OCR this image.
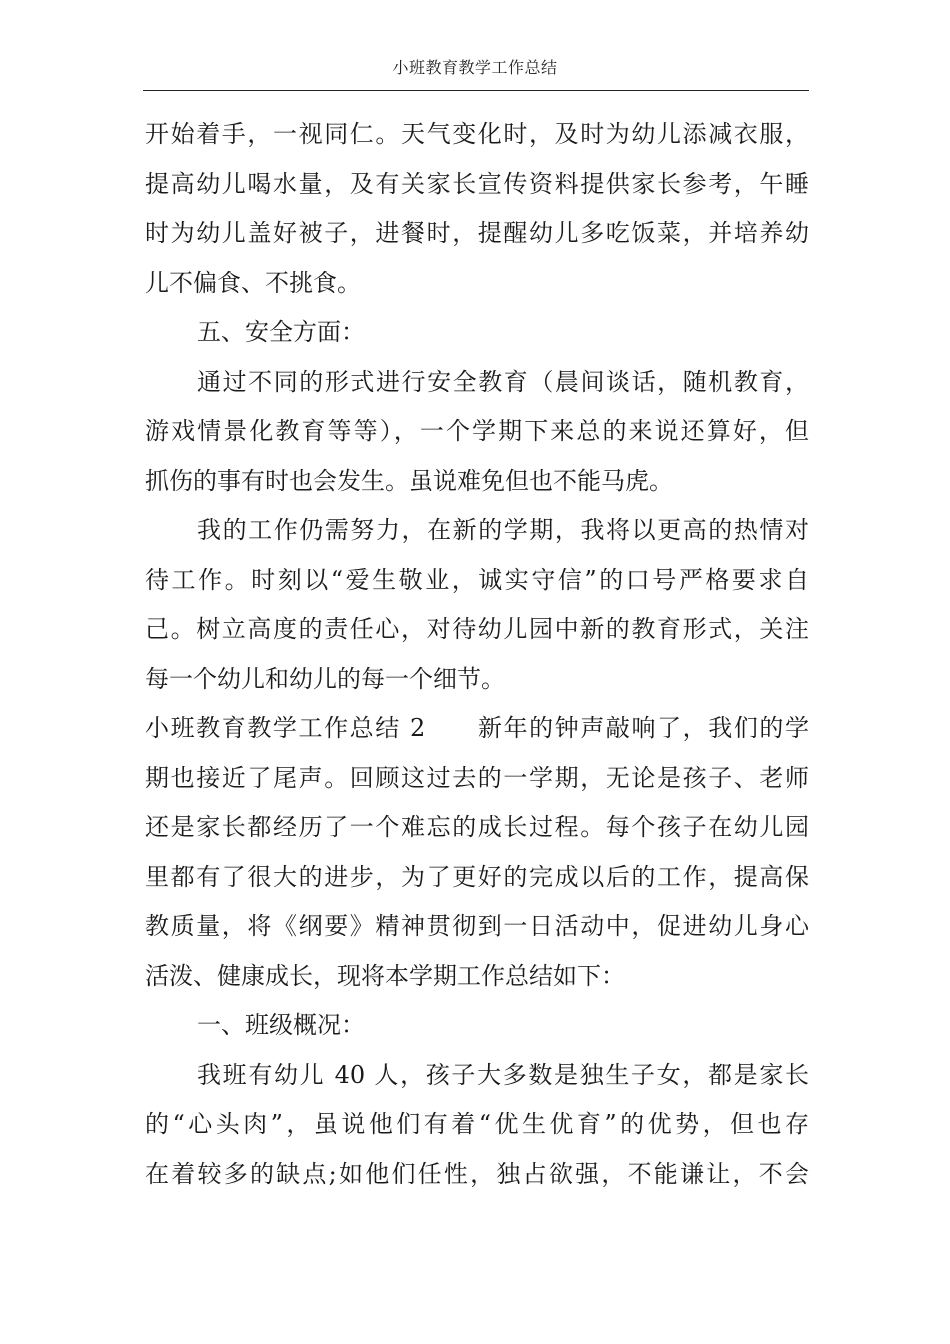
小班教育教学工作总结
开始着手，一视同仁。天气变化时，及时为幼儿添减衣服，
提高幼儿喝水量，及有关家长宣传资料提供家长参考，午睡
时为幼儿盖好被子，进餐时，提醒幼儿多吃饭菜，并培养幼
儿不偏食、不挑食。
五、安全方面：
通过不同的形式进行安全教育（晨间谈话，随机教育，
游戏情景化教育等等），一个学期下来总的来说还算好，但
抓伤的事有时也会发生。虽说难免但也不能马虎。
我的工作仍需努力，在新的学期，我将以更高的热情对
待工作。时刻以“爱生敬业，诚实守信”的口号严格要求自
己。树立高度的责任心，对待幼儿园中新的教育形式，关注
每一个幼儿和幼儿的每一个细节。
小班教育教学工作总结 2　　新年的钟声敲响了，我们的学
期也接近了尾声。回顾这过去的一学期，无论是孩子、老师
还是家长都经历了一个难忘的成长过程。每个孩子在幼儿园
里都有了很大的进步，为了更好的完成以后的工作，提高保
教质量，将《纲要》精神贯彻到一日活动中，促进幼儿身心
活泼、健康成长，现将本学期工作总结如下：
一、班级概况：
我班有幼儿 40 人，孩子大多数是独生子女，都是家长
的“心头肉”，虽说他们有着“优生优育”的优势，但也存
在着较多的缺点;如他们任性，独占欲强，不能谦让，不会
